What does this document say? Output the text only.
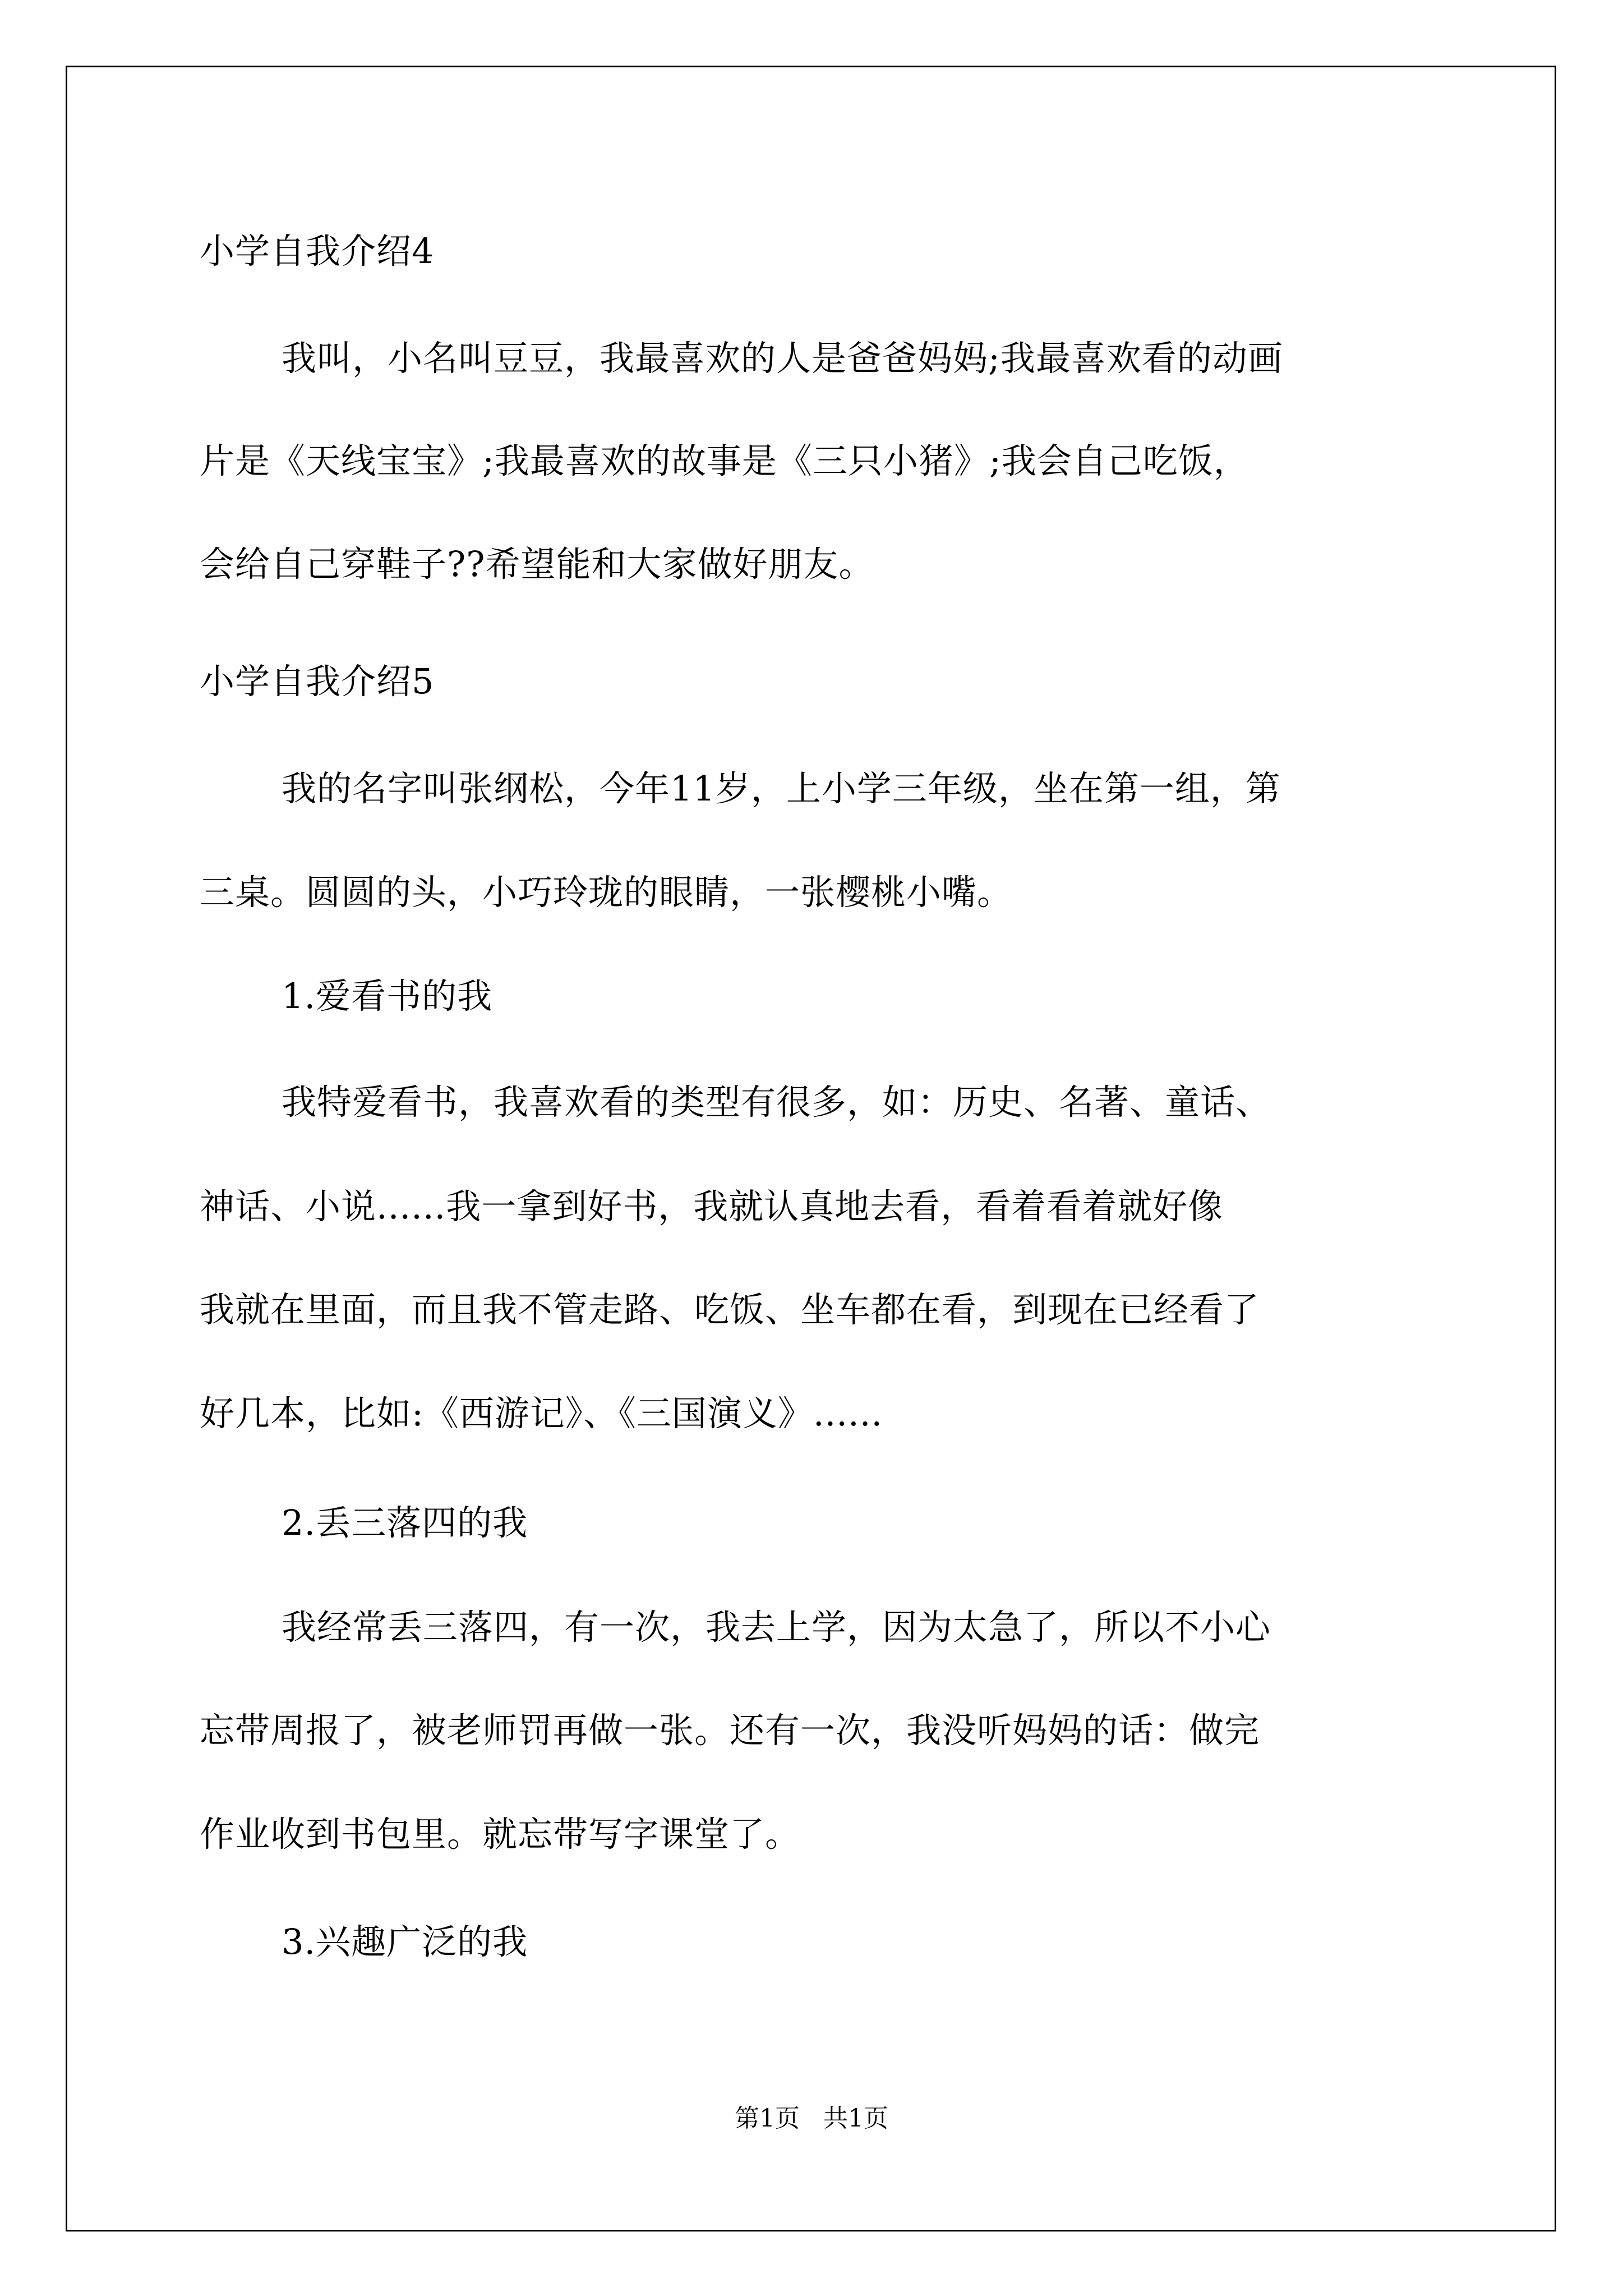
小学自我介绍4

我叫，小名叫豆豆，我最喜欢的人是爸爸妈妈;我最喜欢看的动画

片是《天线宝宝》;我最喜欢的故事是《三只小猪》;我会自己吃饭，

会给自己穿鞋子??希望能和大家做好朋友。

小学自我介绍5

我的名字叫张纲松，今年11岁，上小学三年级，坐在第一组，第

三桌。圆圆的头，小巧玲珑的眼睛，一张樱桃小嘴。

1.爱看书的我

我特爱看书，我喜欢看的类型有很多，如：历史、名著、童话、

神话、小说......我一拿到好书，我就认真地去看，看着看着就好像

我就在里面，而且我不管走路、吃饭、坐车都在看，到现在已经看了

好几本，比如:《西游记》、《三国演义》......

2.丢三落四的我

我经常丢三落四，有一次，我去上学，因为太急了，所以不小心

忘带周报了，被老师罚再做一张。还有一次，我没听妈妈的话：做完

作业收到书包里。就忘带写字课堂了。

3.兴趣广泛的我

第1页   共1页
